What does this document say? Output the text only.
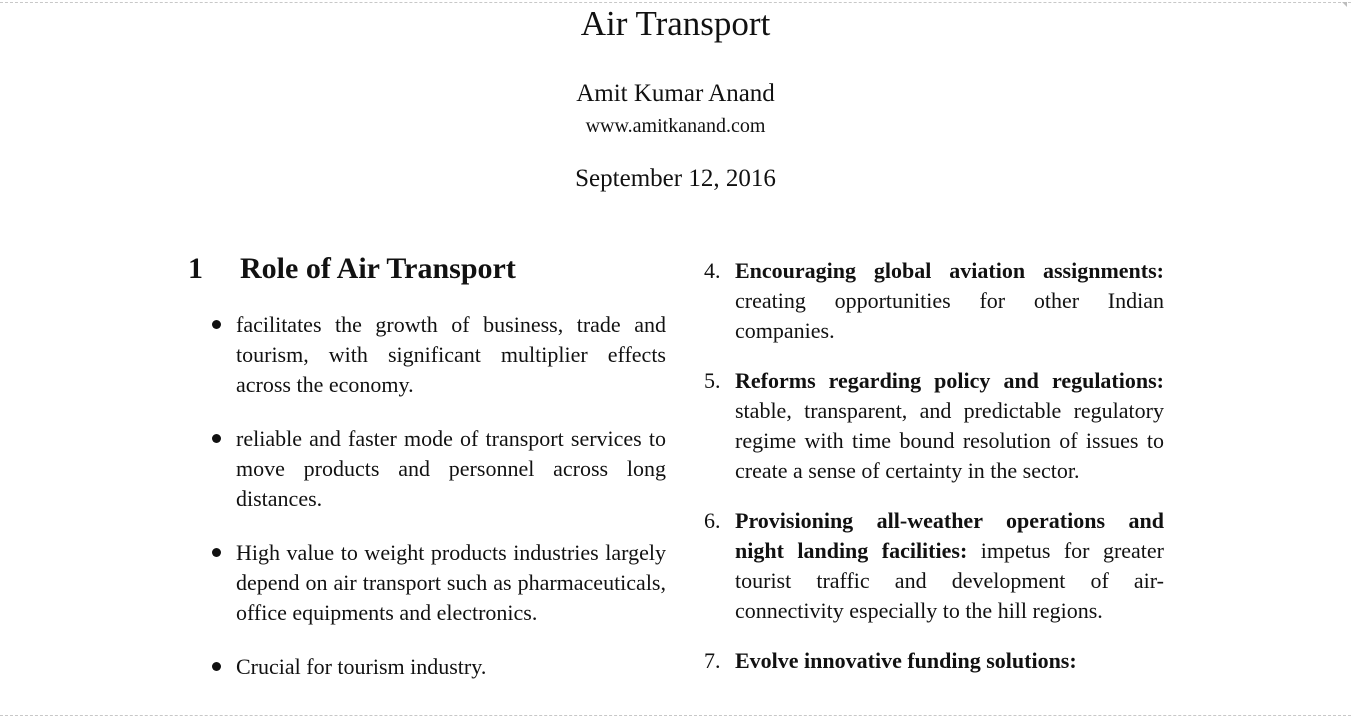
Air Transport
Amit Kumar Anand
www.amitkanand.com
September 12, 2016
1 Role of Air Transport
facilitates the growth of business, trade and tourism, with significant multiplier effects across the economy.
reliable and faster mode of transport services to move products and personnel across long distances.
High value to weight products industries largely depend on air transport such as pharmaceuticals, office equipments and electronics.
Crucial for tourism industry.
4. Encouraging global aviation assignments: creating opportunities for other Indian companies.
5. Reforms regarding policy and regulations: stable, transparent, and predictable regulatory regime with time bound resolution of issues to create a sense of certainty in the sector.
6. Provisioning all-weather operations and night landing facilities: impetus for greater tourist traffic and development of air-connectivity especially to the hill regions.
7. Evolve innovative funding solutions:
